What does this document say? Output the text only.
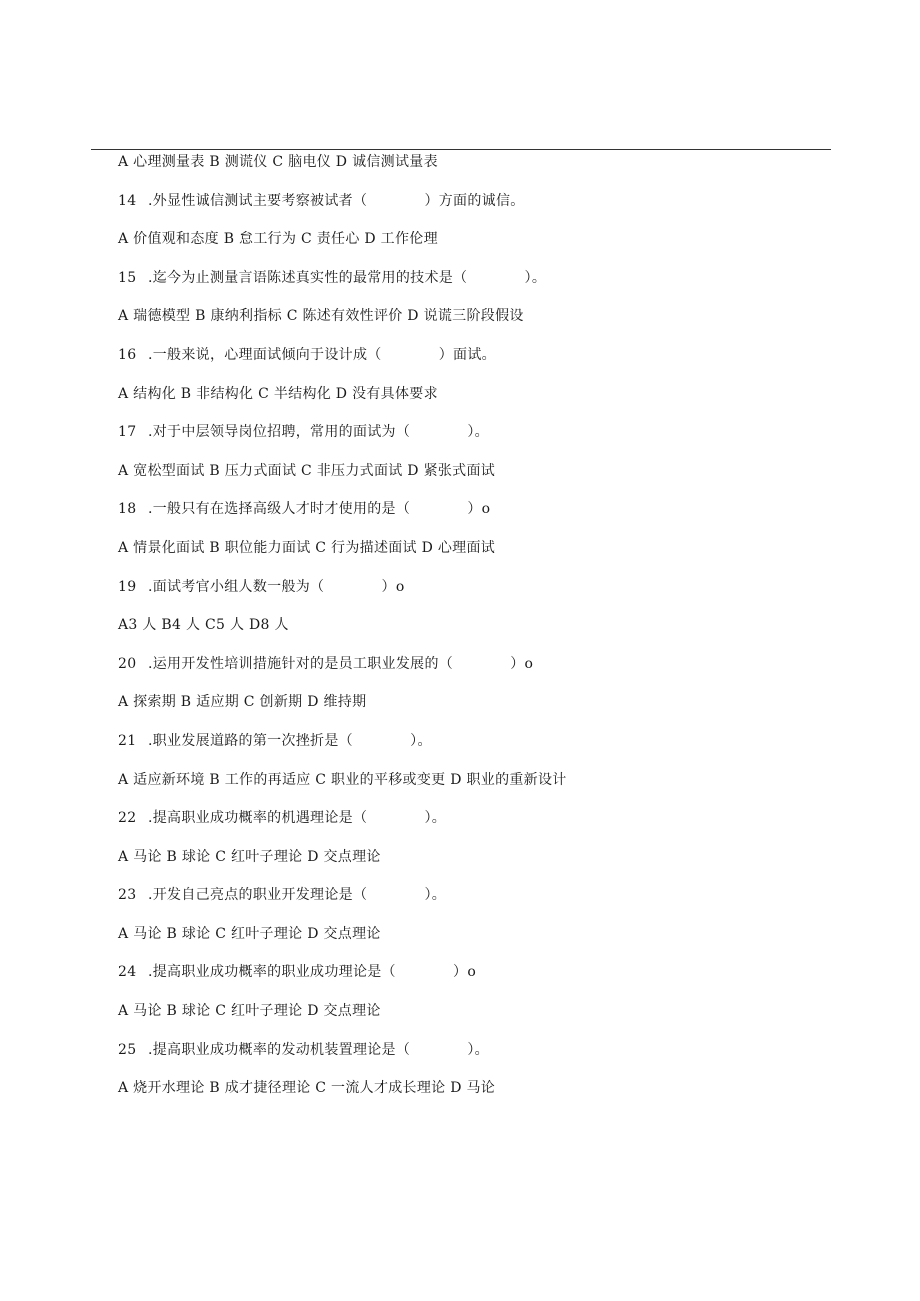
A 心理测量表 B 测谎仪 C 脑电仪 D 诚信测试量表
14 .外显性诚信测试主要考察被试者（　　　　）方面的诚信。
A 价值观和态度 B 怠工行为 C 责任心 D 工作伦理
15 .迄今为止测量言语陈述真实性的最常用的技术是（　　　　）。
A 瑞德模型 B 康纳利指标 C 陈述有效性评价 D 说谎三阶段假设
16 .一般来说，心理面试倾向于设计成（　　　　）面试。
A 结构化 B 非结构化 C 半结构化 D 没有具体要求
17 .对于中层领导岗位招聘，常用的面试为（　　　　）。
A 宽松型面试 B 压力式面试 C 非压力式面试 D 紧张式面试
18 .一般只有在选择高级人才时才使用的是（　　　　）o
A 情景化面试 B 职位能力面试 C 行为描述面试 D 心理面试
19 .面试考官小组人数一般为（　　　　）o
A3 人 B4 人 C5 人 D8 人
20 .运用开发性培训措施针对的是员工职业发展的（　　　　）o
A 探索期 B 适应期 C 创新期 D 维持期
21 .职业发展道路的第一次挫折是（　　　　）。
A 适应新环境 B 工作的再适应 C 职业的平移或变更 D 职业的重新设计
22 .提高职业成功概率的机遇理论是（　　　　）。
A 马论 B 球论 C 红叶子理论 D 交点理论
23 .开发自己亮点的职业开发理论是（　　　　）。
A 马论 B 球论 C 红叶子理论 D 交点理论
24 .提高职业成功概率的职业成功理论是（　　　　）o
A 马论 B 球论 C 红叶子理论 D 交点理论
25 .提高职业成功概率的发动机装置理论是（　　　　）。
A 烧开水理论 B 成才捷径理论 C 一流人才成长理论 D 马论
